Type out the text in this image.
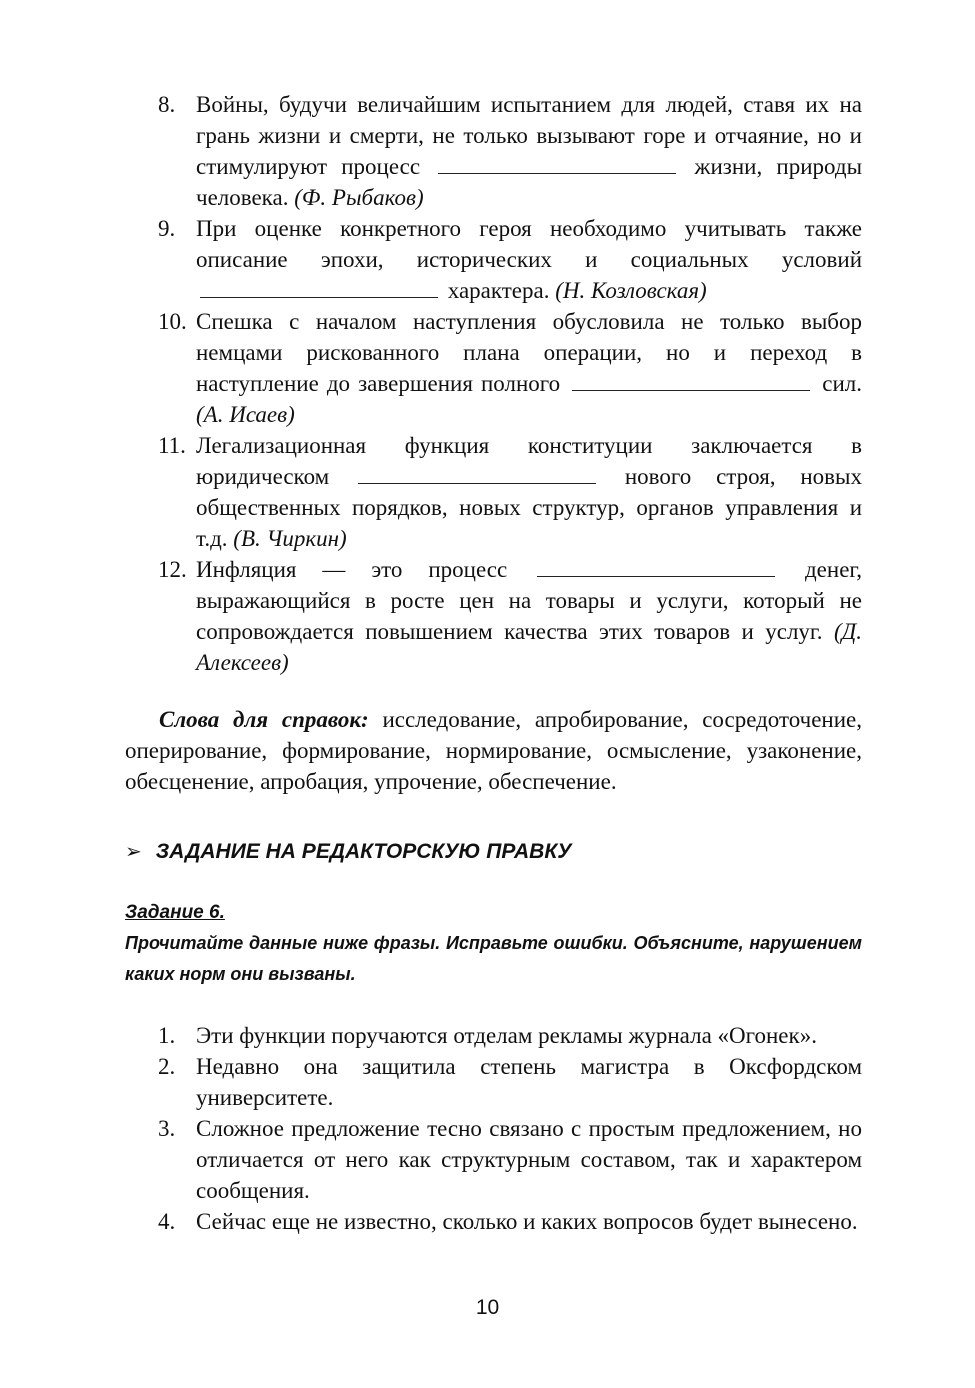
8. Войны, будучи величайшим испытанием для людей, ставя их на грань жизни и смерти, не только вызывают горе и отчаяние, но и стимулируют процесс	жизни, природы человека. (Ф. Рыбаков)
9. При оценке конкретного героя необходимо учитывать также описание эпохи, исторических и социальных условий  характера. (Н. Козловская)
10. Спешка с началом наступления обусловила не только выбор немцами рискованного плана операции, но и переход в наступление до завершения полного	сил. (А. Исаев)
11. Легализационная функция конституции заключается в юридическом	нового строя, новых общественных порядков, новых структур, органов управления и т.д. (В. Чиркин)
12. Инфляция — это процесс	денег, выражающийся в росте цен на товары и услуги, который не сопровождается повышением качества этих товаров и услуг. (Д. Алексеев)
Слова для справок: исследование, апробирование, сосредоточение, оперирование, формирование, нормирование, осмысление, узаконение, обесценение, апробация, упрочение, обеспечение.
➢ ЗАДАНИЕ НА РЕДАКТОРСКУЮ ПРАВКУ
Задание 6.
Прочитайте данные ниже фразы. Исправьте ошибки. Объясните, нарушением каких норм они вызваны.
1. Эти функции поручаются отделам рекламы журнала «Огонек».
2. Недавно она защитила степень магистра в Оксфордском университете.
3. Сложное предложение тесно связано с простым предложением, но отличается от него как структурным составом, так и характером сообщения.
4. Сейчас еще не известно, сколько и каких вопросов будет вынесено.
10
